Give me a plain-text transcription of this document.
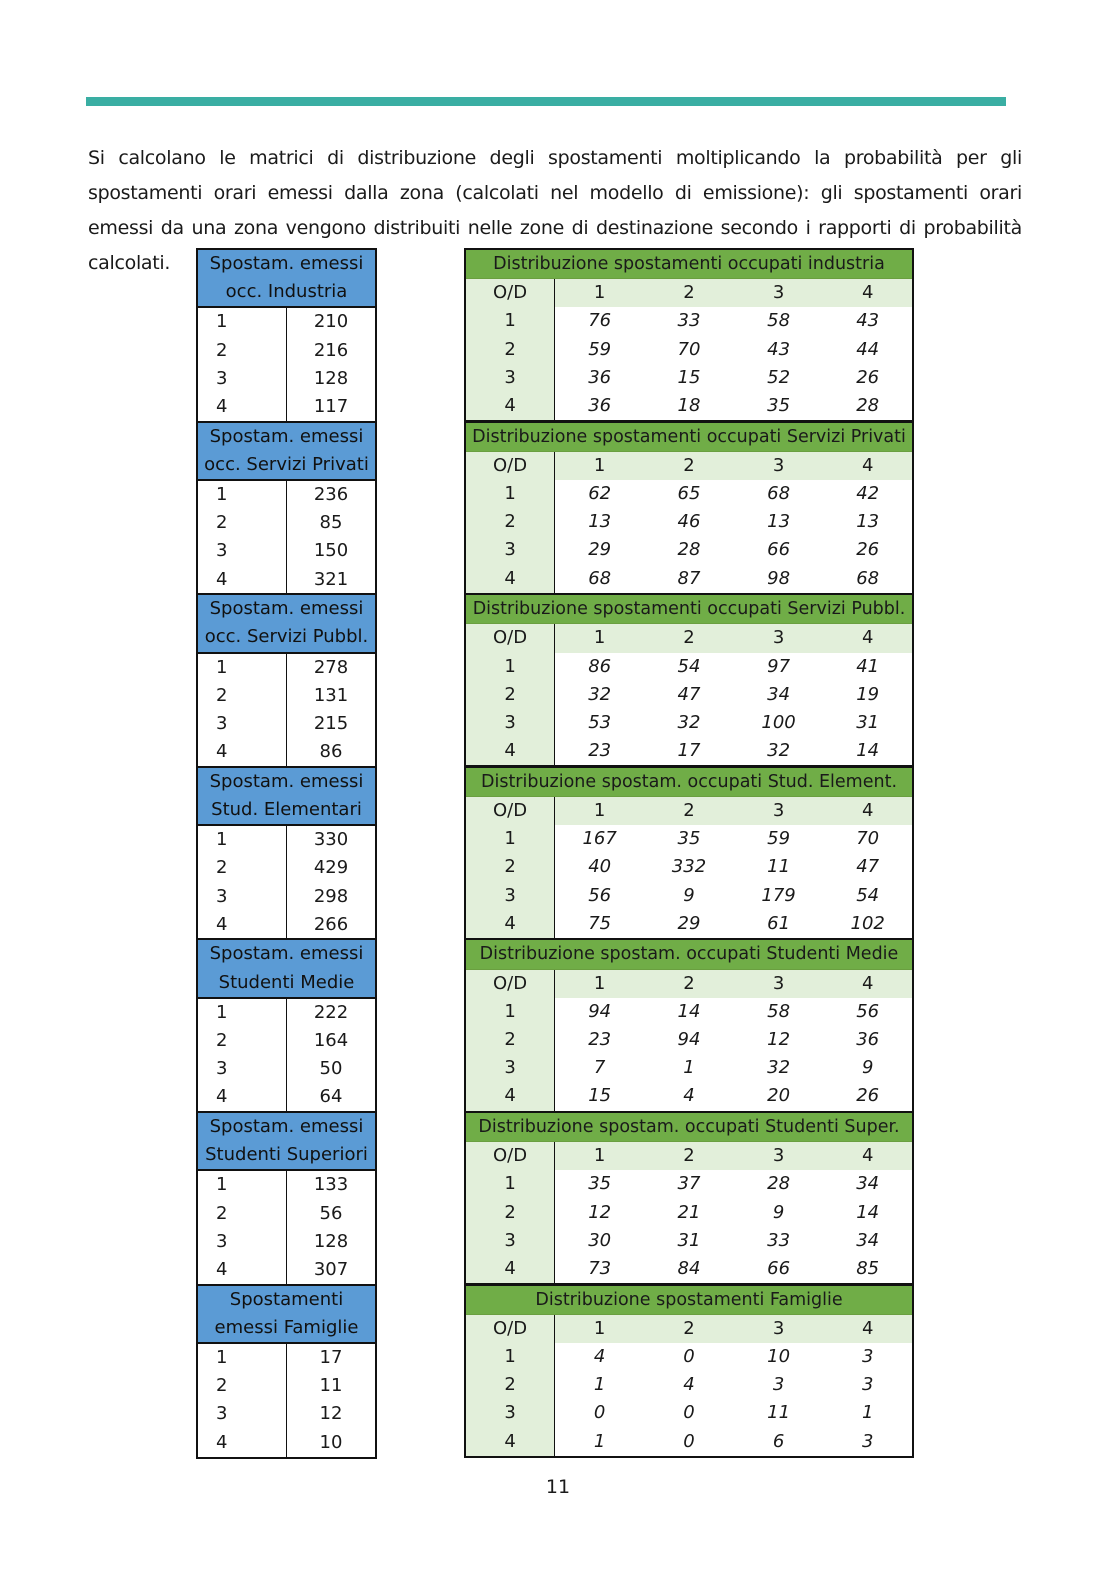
Si calcolano le matrici di distribuzione degli spostamenti moltiplicando la probabilità per gli spostamenti orari emessi dalla zona (calcolati nel modello di emissione): gli spostamenti orari emessi da una zona vengono distribuiti nelle zone di destinazione secondo i rapporti di probabilità calcolati.	Spostam. emessi	
occ. Industria	
1	210
2	216
3	128
4	117
Distribuzione spostamenti occupati industria				
O/D	1	2	3	4
1	76	33	58	43
2	59	70	43	44
3	36	15	52	26
4	36	18	35	28
Spostam. emessi	
occ. Servizi Privati	
1	236
2	85
3	150
4	321
Distribuzione spostamenti occupati Servizi Privati				
O/D	1	2	3	4
1	62	65	68	42
2	13	46	13	13
3	29	28	66	26
4	68	87	98	68
Spostam. emessi	
occ. Servizi Pubbl.	
1	278
2	131
3	215
4	86
Distribuzione spostamenti occupati Servizi Pubbl.				
O/D	1	2	3	4
1	86	54	97	41
2	32	47	34	19
3	53	32	100	31
4	23	17	32	14
Spostam. emessi	
Stud. Elementari	
1	330
2	429
3	298
4	266
Distribuzione spostam. occupati Stud. Element.				
O/D	1	2	3	4
1	167	35	59	70
2	40	332	11	47
3	56	9	179	54
4	75	29	61	102
Spostam. emessi	
Studenti Medie	
1	222
2	164
3	50
4	64
Distribuzione spostam. occupati Studenti Medie				
O/D	1	2	3	4
1	94	14	58	56
2	23	94	12	36
3	7	1	32	9
4	15	4	20	26
Spostam. emessi	
Studenti Superiori	
1	133
2	56
3	128
4	307
Distribuzione spostam. occupati Studenti Super.				
O/D	1	2	3	4
1	35	37	28	34
2	12	21	9	14
3	30	31	33	34
4	73	84	66	85
Spostamenti	
emessi Famiglie	
1	17
2	11
3	12
4	10
Distribuzione spostamenti Famiglie				
O/D	1	2	3	4
1	4	0	10	3
2	1	4	3	3
3	0	0	11	1
4	1	0	6	3
11
